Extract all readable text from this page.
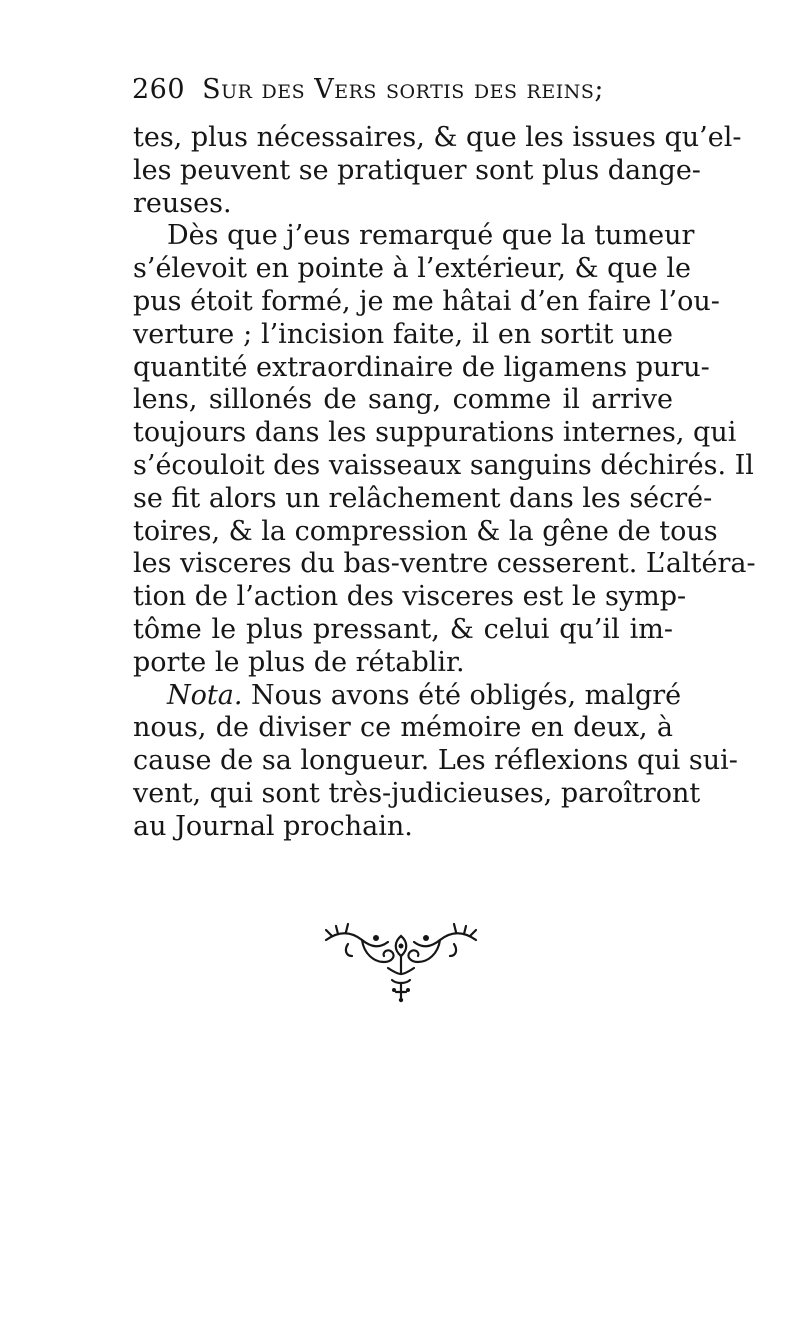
260 Sur des Vers sortis des reins;
tes, plus nécessaires, & que les issues qu’el-
les peuvent se pratiquer sont plus dange-
reuses.
Dès que j’eus remarqué que la tumeur
s’élevoit en pointe à l’extérieur, & que le
pus étoit formé, je me hâtai d’en faire l’ou-
verture ; l’incision faite, il en sortit une
quantité extraordinaire de ligamens puru-
lens, sillonés de sang, comme il arrive
toujours dans les suppurations internes, qui
s’écouloit des vaisseaux sanguins déchirés. Il
se fit alors un relâchement dans les sécré-
toires, & la compression & la gêne de tous
les visceres du bas-ventre cesserent. L’altéra-
tion de l’action des visceres est le symp-
tôme le plus pressant, & celui qu’il im-
porte le plus de rétablir.
Nota. Nous avons été obligés, malgré
nous, de diviser ce mémoire en deux, à
cause de sa longueur. Les réflexions qui sui-
vent, qui sont très-judicieuses, paroîtront
au Journal prochain.
